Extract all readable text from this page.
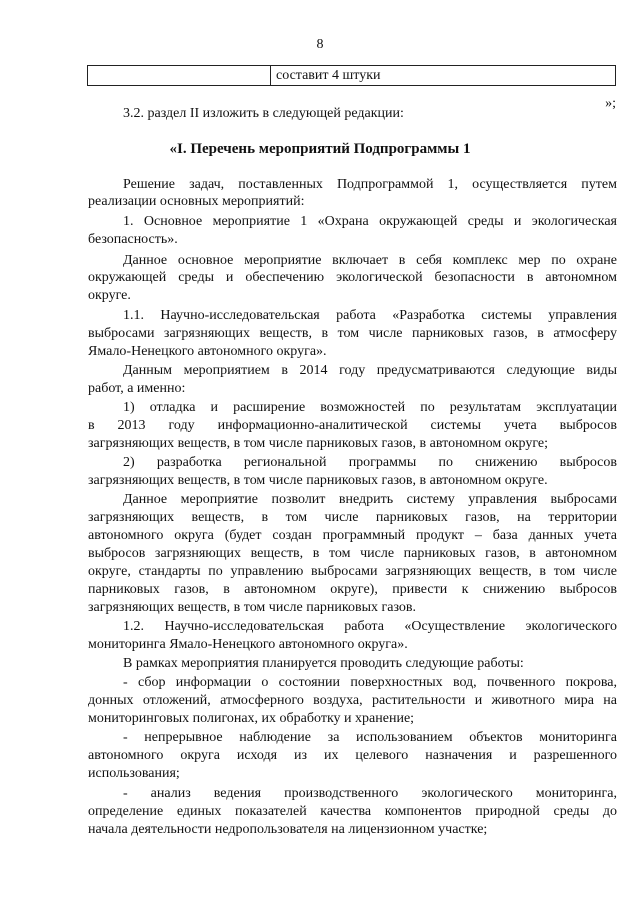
8
составит 4 штуки
»;
3.2. раздел II изложить в следующей редакции:
«I. Перечень мероприятий Подпрограммы 1
Решение задач, поставленных Подпрограммой 1, осуществляется путем
реализации основных мероприятий:
1. Основное мероприятие 1 «Охрана окружающей среды и экологическая
безопасность».
Данное основное мероприятие включает в себя комплекс мер по охране
окружающей среды и обеспечению экологической безопасности в автономном
округе.
1.1. Научно-исследовательская работа «Разработка системы управления
выбросами загрязняющих веществ, в том числе парниковых газов, в атмосферу
Ямало-Ненецкого автономного округа».
Данным мероприятием в 2014 году предусматриваются следующие виды
работ, а именно:
1) отладка и расширение возможностей по результатам эксплуатации
в 2013 году информационно-аналитической системы учета выбросов
загрязняющих веществ, в том числе парниковых газов, в автономном округе;
2) разработка региональной программы по снижению выбросов
загрязняющих веществ, в том числе парниковых газов, в автономном округе.
Данное мероприятие позволит внедрить систему управления выбросами
загрязняющих веществ, в том числе парниковых газов, на территории
автономного округа (будет создан программный продукт – база данных учета
выбросов загрязняющих веществ, в том числе парниковых газов, в автономном
округе, стандарты по управлению выбросами загрязняющих веществ, в том числе
парниковых газов, в автономном округе), привести к снижению выбросов
загрязняющих веществ, в том числе парниковых газов.
1.2. Научно-исследовательская работа «Осуществление экологического
мониторинга Ямало-Ненецкого автономного округа».
В рамках мероприятия планируется проводить следующие работы:
- сбор информации о состоянии поверхностных вод, почвенного покрова,
донных отложений, атмосферного воздуха, растительности и животного мира на
мониторинговых полигонах, их обработку и хранение;
- непрерывное наблюдение за использованием объектов мониторинга
автономного округа исходя из их целевого назначения и разрешенного
использования;
- анализ ведения производственного экологического мониторинга,
определение единых показателей качества компонентов природной среды до
начала деятельности недропользователя на лицензионном участке;
